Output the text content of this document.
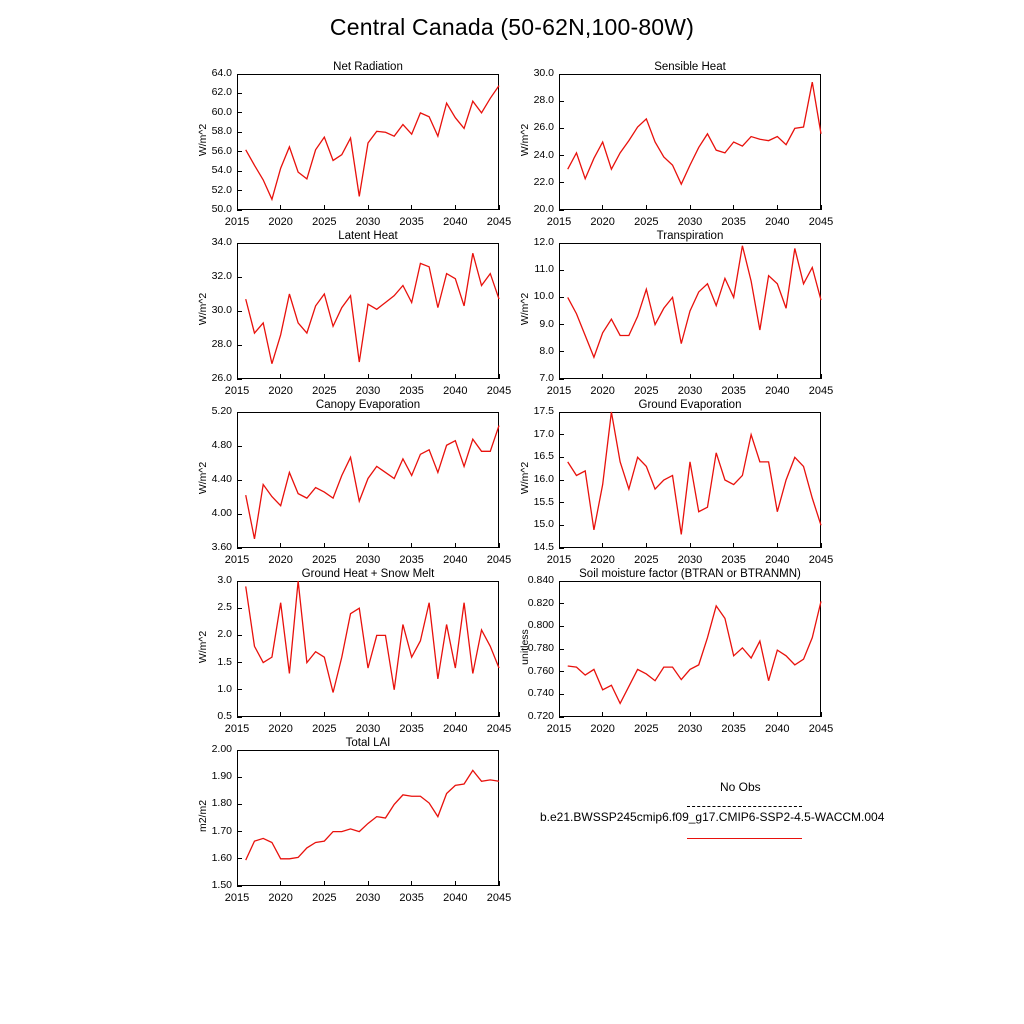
Central Canada (50-62N,100-80W)
Net Radiation
W/m^2
50.0
52.0
54.0
56.0
58.0
60.0
62.0
64.0
2015	2020	2025	2030	2035	2040	2045
Sensible Heat
W/m^2
20.0
22.0
24.0
26.0
28.0
30.0
2015	2020	2025	2030	2035	2040	2045
Latent Heat
W/m^2
26.0
28.0
30.0
32.0
34.0
2015	2020	2025	2030	2035	2040	2045
Transpiration
W/m^2
7.0
8.0
9.0
10.0
11.0
12.0
2015	2020	2025	2030	2035	2040	2045
Canopy Evaporation
W/m^2
3.60
4.00
4.40
4.80
5.20
2015	2020	2025	2030	2035	2040	2045
Ground Evaporation
W/m^2
14.5
15.0
15.5
16.0
16.5
17.0
17.5
2015	2020	2025	2030	2035	2040	2045
Ground Heat + Snow Melt
W/m^2
0.5
1.0
1.5
2.0
2.5
3.0
2015	2020	2025	2030	2035	2040	2045
Soil moisture factor (BTRAN or BTRANMN)
unitless
0.720
0.740
0.760
0.780
0.800
0.820
0.840
2015	2020	2025	2030	2035	2040	2045
Total LAI
m2/m2
1.50
1.60
1.70
1.80
1.90
2.00
2015	2020	2025	2030	2035	2040	2045
No Obs
b.e21.BWSSP245cmip6.f09_g17.CMIP6-SSP2-4.5-WACCM.004
